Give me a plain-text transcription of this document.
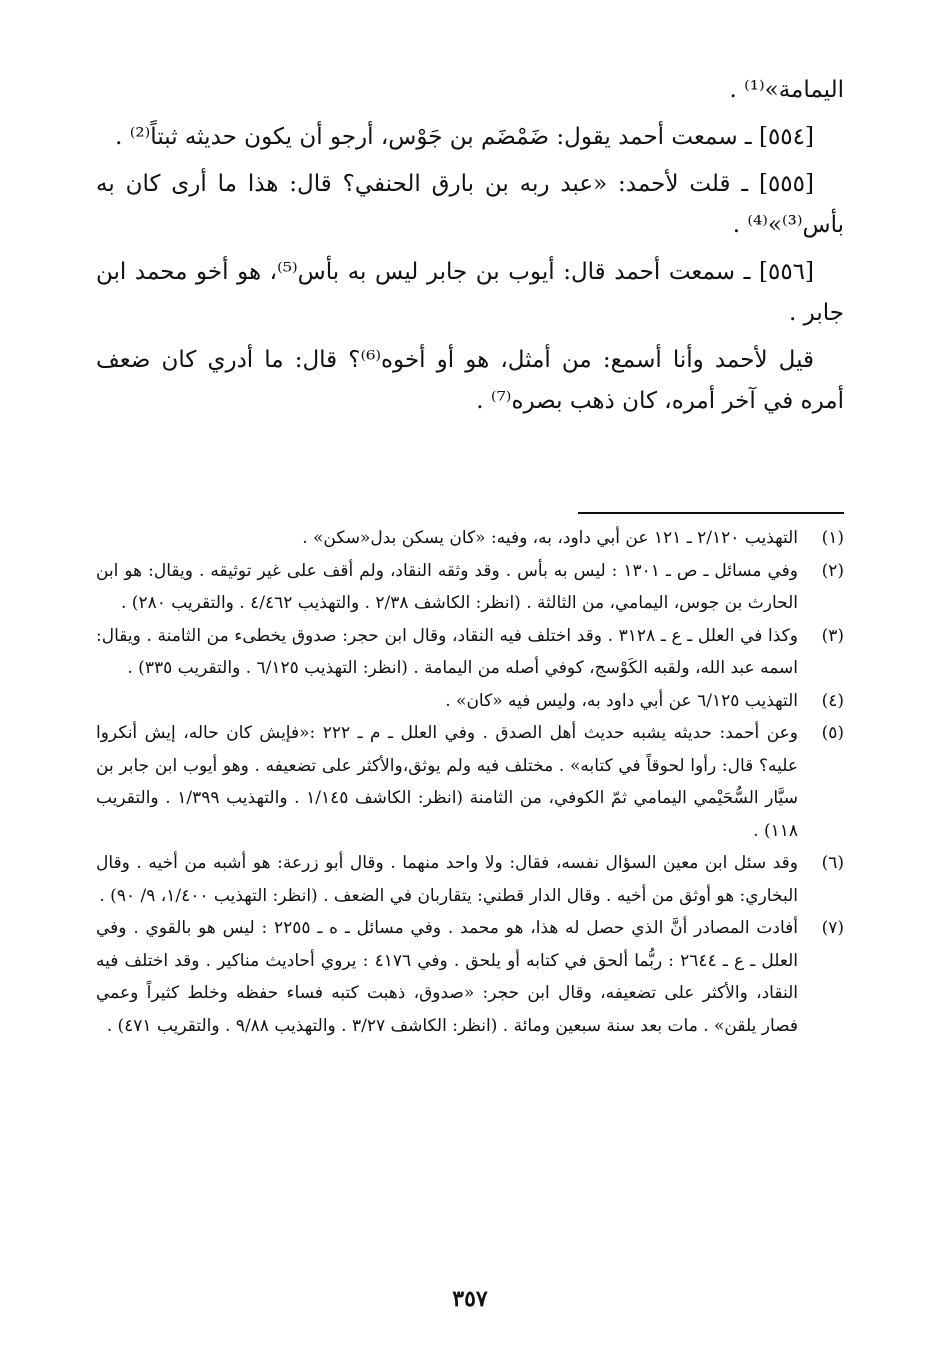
اليمامة»⁽¹⁾ .

[٥٥٤] ـ سمعت أحمد يقول: ضَمْضَم بن جَوْس، أرجو أن يكون حديثه ثبتاً⁽²⁾ .

[٥٥٥] ـ قلت لأحمد: «عبد ربه بن بارق الحنفي؟ قال: هذا ما أرى كان به بأس⁽³⁾»⁽⁴⁾ .

[٥٥٦] ـ سمعت أحمد قال: أيوب بن جابر ليس به بأس⁽⁵⁾، هو أخو محمد ابن جابر .

قيل لأحمد وأنا أسمع: من أمثل، هو أو أخوه⁽⁶⁾؟ قال: ما أدري كان ضعف أمره في آخر أمره، كان ذهب بصره⁽⁷⁾ .

(١)
التهذيب ٢/١٢٠ ـ ١٢١ عن أبي داود، به، وفيه: «كان يسكن بدل«سكن» .
(٢)
وفي مسائل ـ ص ـ ١٣٠١ : ليس به بأس . وقد وثقه النقاد، ولم أقف على غير توثيقه . ويقال: هو ابن الحارث بن جوس، اليمامي، من الثالثة . (انظر: الكاشف ٢/٣٨ . والتهذيب ٤/٤٦٢ . والتقريب ٢٨٠) .
(٣)
وكذا في العلل ـ ع ـ ٣١٢٨ . وقد اختلف فيه النقاد، وقال ابن حجر: صدوق يخطىء من الثامنة . ويقال: اسمه عبد الله، ولقبه الكَوْسج، كوفي أصله من اليمامة . (انظر: التهذيب ٦/١٢٥ . والتقريب ٣٣٥) .
(٤)
التهذيب ٦/١٢٥ عن أبي داود به، وليس فيه «كان» .
(٥)
وعن أحمد: حديثه يشبه حديث أهل الصدق . وفي العلل ـ م ـ ٢٢٢ :«فإيش كان حاله، إيش أنكروا عليه؟ قال: رأوا لحوقاً في كتابه» . مختلف فيه ولم يوثق،والأكثر على تضعيفه . وهو أيوب ابن جابر بن سيَّار السُّحَيْمي اليمامي ثمّ الكوفي، من الثامنة (انظر: الكاشف ١/١٤٥ . والتهذيب ١/٣٩٩ . والتقريب ١١٨) .
(٦)
وقد سئل ابن معين السؤال نفسه، فقال: ولا واحد منهما . وقال أبو زرعة: هو أشبه من أخيه . وقال البخاري: هو أوثق من أخيه . وقال الدار قطني: يتقاربان في الضعف . (انظر: التهذيب ١/٤٠٠، ٩/ ٩٠) .
(٧)
أفادت المصادر أنَّ الذي حصل له هذا، هو محمد . وفي مسائل ـ ه ـ ٢٢٥٥ : ليس هو بالقوي . وفي العلل ـ ع ـ ٢٦٤٤ : ربُّما ألحق في كتابه أو يلحق . وفي ٤١٧٦ : يروي أحاديث مناكير . وقد اختلف فيه النقاد، والأكثر على تضعيفه، وقال ابن حجر: «صدوق، ذهبت كتبه فساء حفظه وخلط كثيراً وعمي فصار يلقن» . مات بعد سنة سبعين ومائة . (انظر: الكاشف ٣/٢٧ . والتهذيب ٩/٨٨ . والتقريب ٤٧١) .
٣٥٧
